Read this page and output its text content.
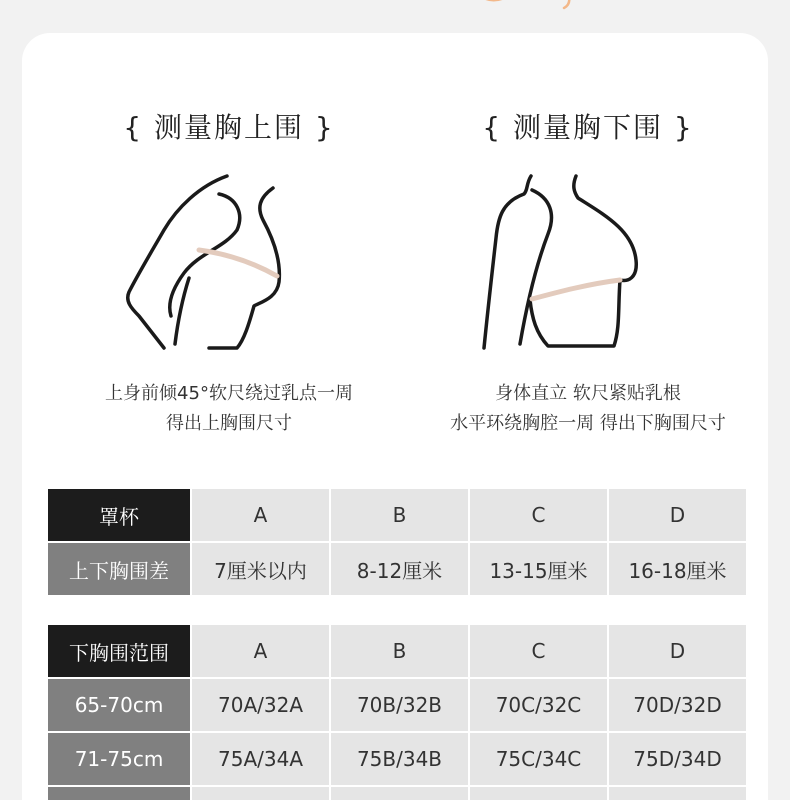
{ 测量胸上围 }
上身前倾45°软尺绕过乳点一周
得出上胸围尺寸
{ 测量胸下围 }
身体直立 软尺紧贴乳根
水平环绕胸腔一周 得出下胸围尺寸
罩杯	A	B	C	D
上下胸围差	7厘米以内	8-12厘米	13-15厘米	16-18厘米
下胸围范围	A	B	C	D
65-70cm	70A/32A	70B/32B	70C/32C	70D/32D
71-75cm	75A/34A	75B/34B	75C/34C	75D/34D
